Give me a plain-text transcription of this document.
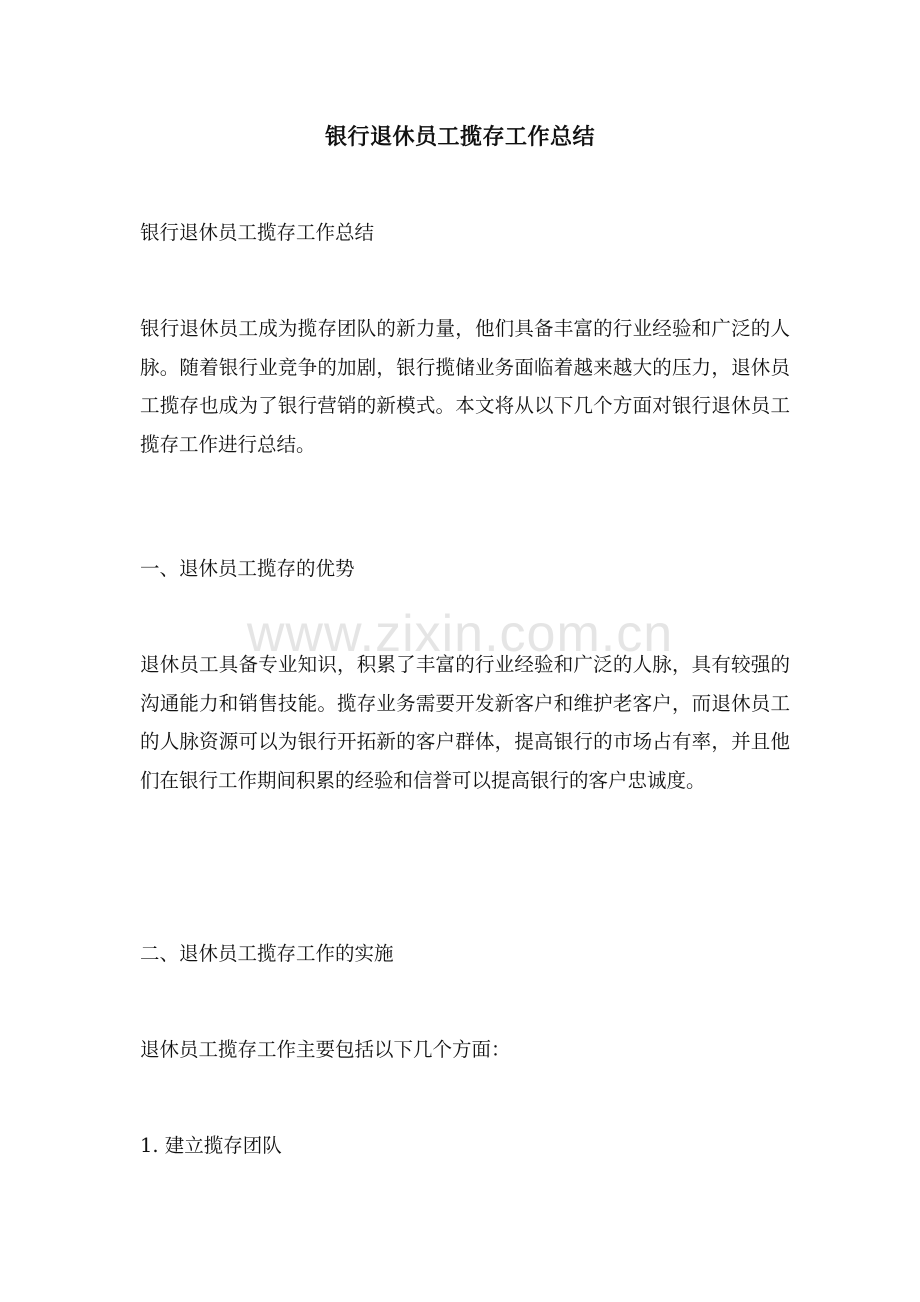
银行退休员工揽存工作总结

银行退休员工揽存工作总结

银行退休员工成为揽存团队的新力量，他们具备丰富的行业经验和广泛的人脉。随着银行业竞争的加剧，银行揽储业务面临着越来越大的压力，退休员工揽存也成为了银行营销的新模式。本文将从以下几个方面对银行退休员工揽存工作进行总结。

一、退休员工揽存的优势

www.zixin.com.cn

退休员工具备专业知识，积累了丰富的行业经验和广泛的人脉，具有较强的沟通能力和销售技能。揽存业务需要开发新客户和维护老客户，而退休员工的人脉资源可以为银行开拓新的客户群体，提高银行的市场占有率，并且他们在银行工作期间积累的经验和信誉可以提高银行的客户忠诚度。

二、退休员工揽存工作的实施

退休员工揽存工作主要包括以下几个方面：

1. 建立揽存团队
